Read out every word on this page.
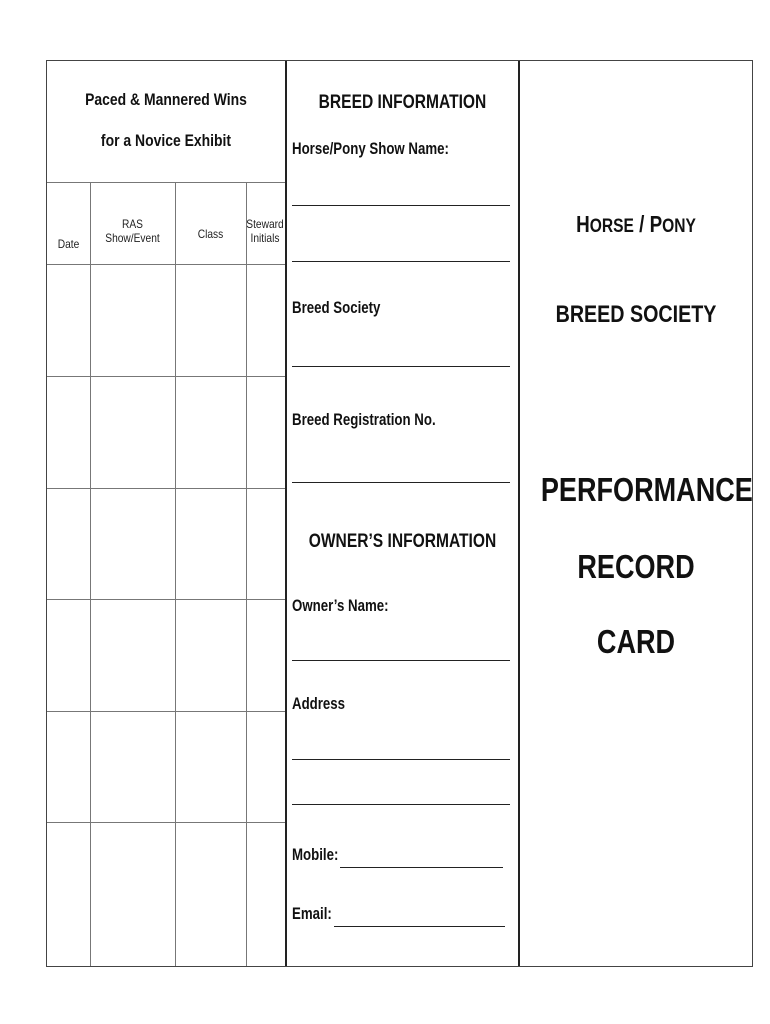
Paced & Mannered Wins
for a Novice Exhibit
Date
RAS
Show/Event	Class
Steward
Initials
BREED INFORMATION
Horse/Pony Show Name:
Breed Society
Breed Registration No.
OWNER’S INFORMATION
Owner’s Name:
Address
Mobile:
Email:
HORSE / PONY
BREED SOCIETY
PERFORMANCE
RECORD
CARD
